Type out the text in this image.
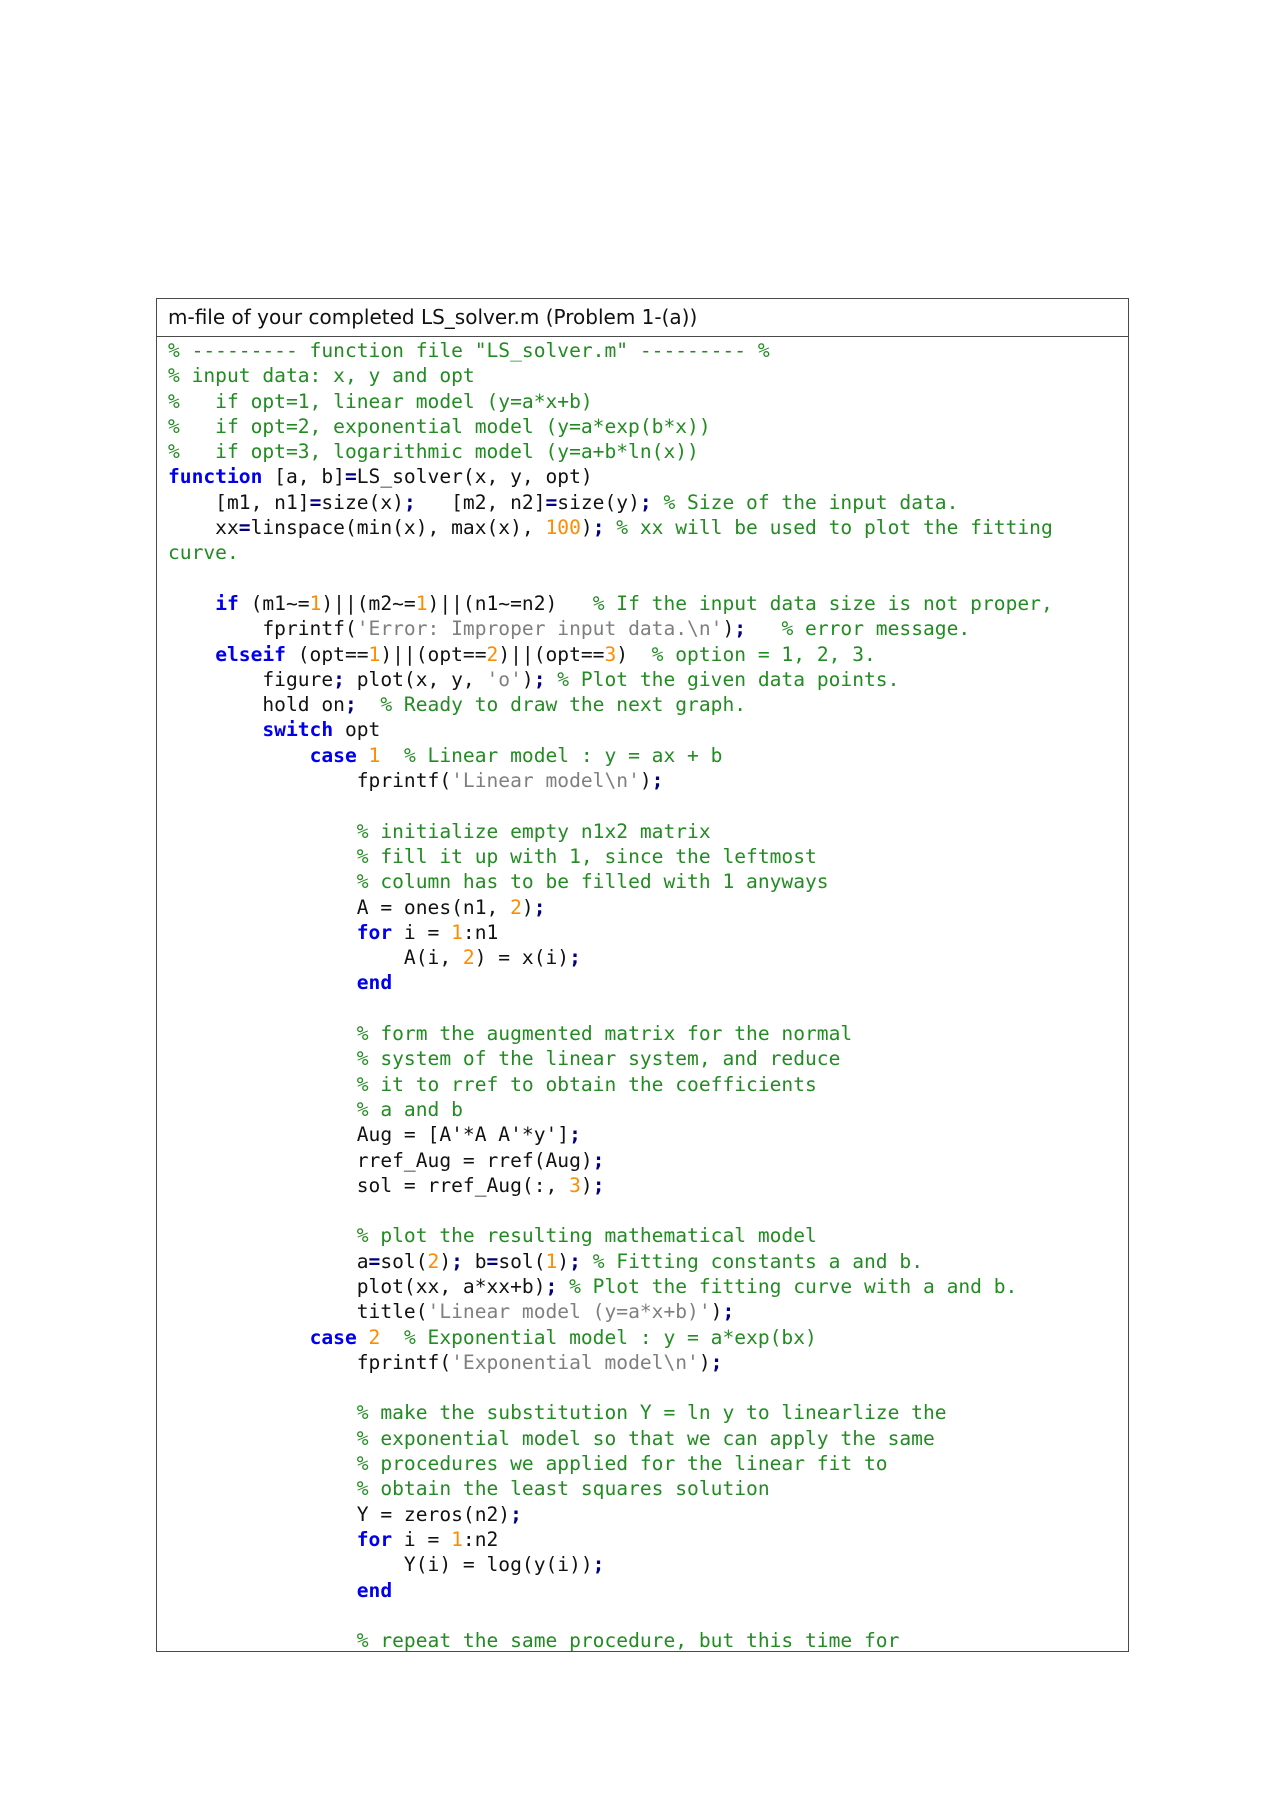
m-file of your completed LS_solver.m (Problem 1-(a))
% --------- function file "LS_solver.m" --------- %
% input data: x, y and opt
%   if opt=1, linear model (y=a*x+b)
%   if opt=2, exponential model (y=a*exp(b*x))
%   if opt=3, logarithmic model (y=a+b*ln(x))
function [a, b]=LS_solver(x, y, opt)
[m1, n1]=size(x);   [m2, n2]=size(y); % Size of the input data.
xx=linspace(min(x), max(x), 100); % xx will be used to plot the fitting
curve.
if (m1~=1)||(m2~=1)||(n1~=n2)   % If the input data size is not proper,
fprintf('Error: Improper input data.\n'); % error message.
elseif (opt==1)||(opt==2)||(opt==3)  % option = 1, 2, 3.
figure; plot(x, y, 'o'); % Plot the given data points.
hold on; % Ready to draw the next graph.
switch opt
case 1 % Linear model : y = ax + b
fprintf('Linear model\n');
% initialize empty n1x2 matrix
% fill it up with 1, since the leftmost
% column has to be filled with 1 anyways
A = ones(n1, 2);
for i = 1:n1
A(i, 2) = x(i);
end
% form the augmented matrix for the normal
% system of the linear system, and reduce
% it to rref to obtain the coefficients
% a and b
Aug = [A'*A A'*y'];
rref_Aug = rref(Aug);
sol = rref_Aug(:, 3);
% plot the resulting mathematical model
a=sol(2); b=sol(1); % Fitting constants a and b.
plot(xx, a*xx+b); % Plot the fitting curve with a and b.
title('Linear model (y=a*x+b)');
case 2 % Exponential model : y = a*exp(bx)
fprintf('Exponential model\n');
% make the substitution Y = ln y to linearlize the
% exponential model so that we can apply the same
% procedures we applied for the linear fit to
% obtain the least squares solution
Y = zeros(n2);
for i = 1:n2
Y(i) = log(y(i));
end
% repeat the same procedure, but this time for
